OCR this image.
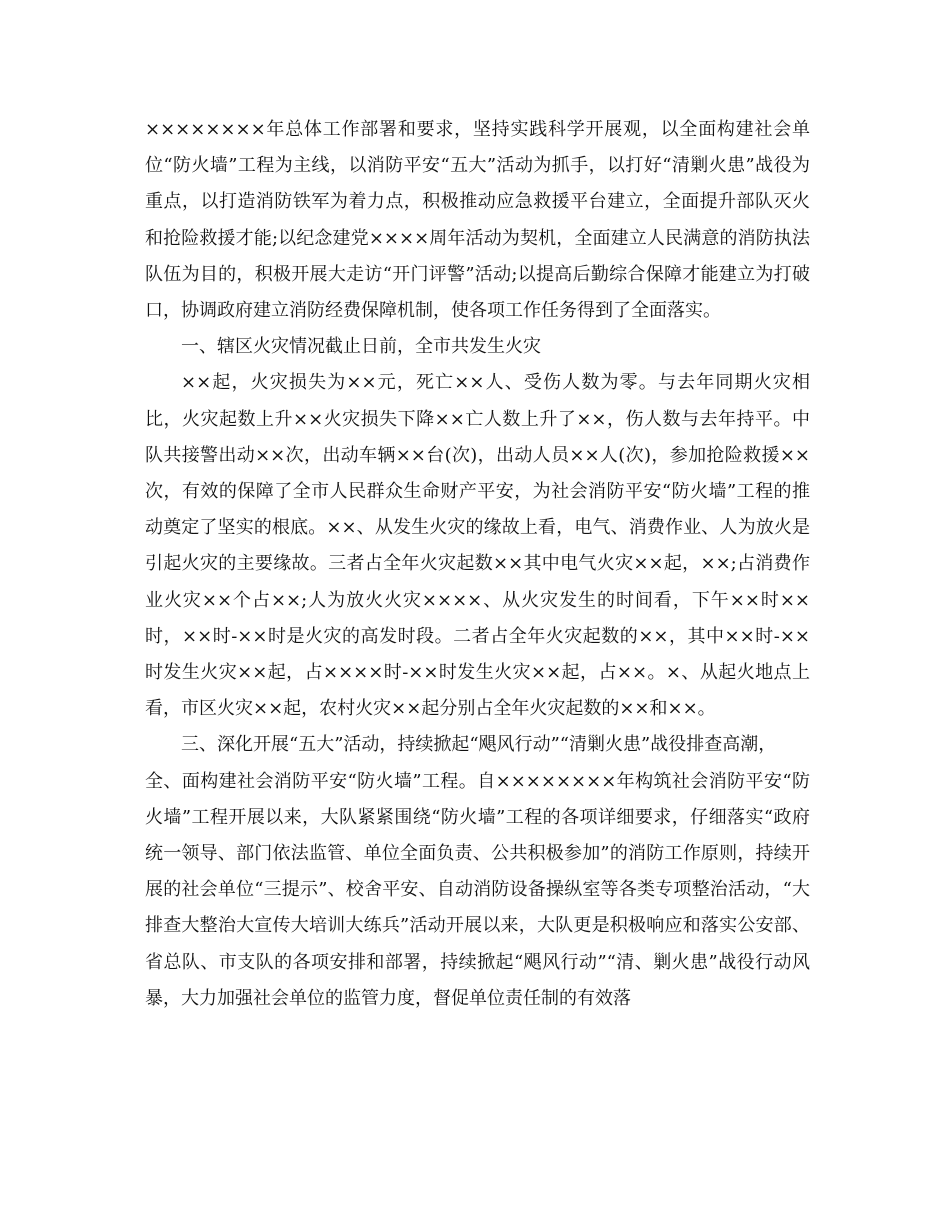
××××××××年总体工作部署和要求，坚持实践科学开展观，以全面构建社会单位“防火墙”工程为主线，以消防平安“五大”活动为抓手，以打好“清剿火患”战役为重点，以打造消防铁军为着力点，积极推动应急救援平台建立，全面提升部队灭火和抢险救援才能;以纪念建党××××周年活动为契机，全面建立人民满意的消防执法队伍为目的，积极开展大走访“开门评警”活动;以提高后勤综合保障才能建立为打破口，协调政府建立消防经费保障机制，使各项工作任务得到了全面落实。

一、辖区火灾情况截止日前，全市共发生火灾

××起，火灾损失为××元，死亡××人、受伤人数为零。与去年同期火灾相比，火灾起数上升××火灾损失下降××亡人数上升了××，伤人数与去年持平。中队共接警出动××次，出动车辆××台(次)，出动人员××人(次)，参加抢险救援××次，有效的保障了全市人民群众生命财产平安，为社会消防平安“防火墙”工程的推动奠定了坚实的根底。××、从发生火灾的缘故上看，电气、消费作业、人为放火是引起火灾的主要缘故。三者占全年火灾起数××其中电气火灾××起，××;占消费作业火灾××个占××;人为放火火灾××××、从火灾发生的时间看，下午××时××时，××时-××时是火灾的高发时段。二者占全年火灾起数的××，其中××时-××时发生火灾××起，占××××时-××时发生火灾××起，占××。×、从起火地点上看，市区火灾××起，农村火灾××起分别占全年火灾起数的××和××。

三、深化开展“五大”活动，持续掀起“飓风行动”“清剿火患”战役排查高潮，

全、面构建社会消防平安“防火墙”工程。自××××××××年构筑社会消防平安“防火墙”工程开展以来，大队紧紧围绕“防火墙”工程的各项详细要求，仔细落实“政府统一领导、部门依法监管、单位全面负责、公共积极参加”的消防工作原则，持续开展的社会单位“三提示”、校舍平安、自动消防设备操纵室等各类专项整治活动，“大排查大整治大宣传大培训大练兵”活动开展以来，大队更是积极响应和落实公安部、省总队、市支队的各项安排和部署，持续掀起“飓风行动”“清、剿火患”战役行动风暴，大力加强社会单位的监管力度，督促单位责任制的有效落
